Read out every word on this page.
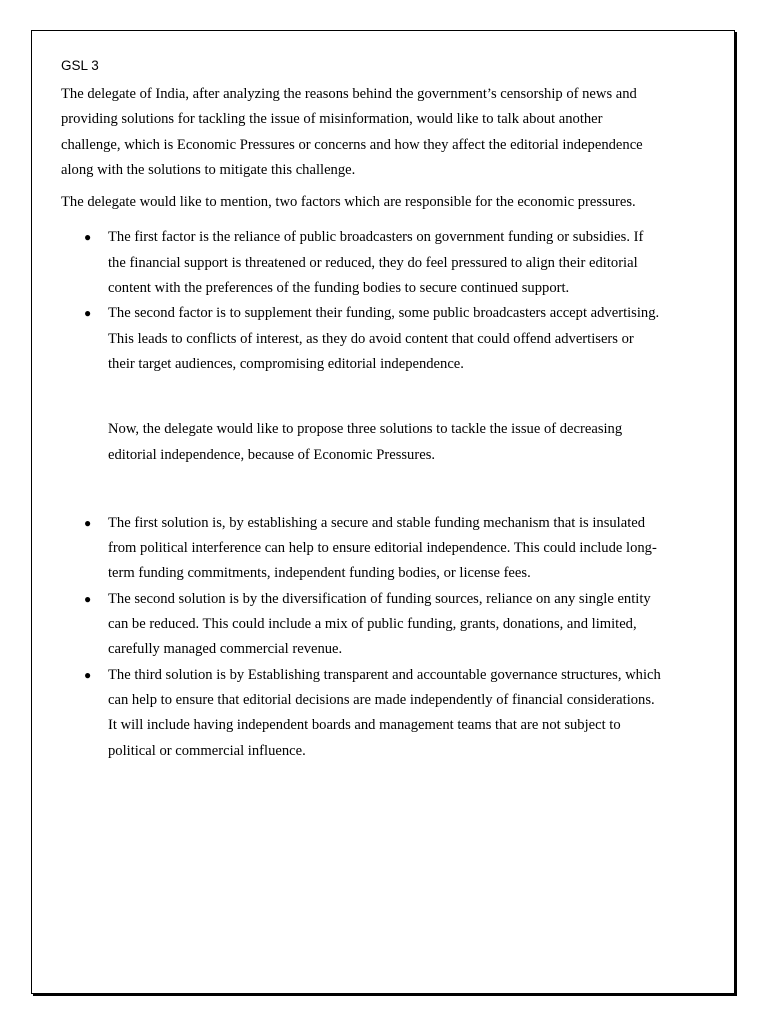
GSL 3

The delegate of India, after analyzing the reasons behind the government’s censorship of news and providing solutions for tackling the issue of misinformation, would like to talk about another challenge, which is Economic Pressures or concerns and how they affect the editorial independence along with the solutions to mitigate this challenge.

The delegate would like to mention, two factors which are responsible for the economic pressures.

● The first factor is the reliance of public broadcasters on government funding or subsidies. If the financial support is threatened or reduced, they do feel pressured to align their editorial content with the preferences of the funding bodies to secure continued support.
● The second factor is to supplement their funding, some public broadcasters accept advertising. This leads to conflicts of interest, as they do avoid content that could offend advertisers or their target audiences, compromising editorial independence.

Now, the delegate would like to propose three solutions to tackle the issue of decreasing editorial independence, because of Economic Pressures.

● The first solution is, by establishing a secure and stable funding mechanism that is insulated from political interference can help to ensure editorial independence. This could include long-term funding commitments, independent funding bodies, or license fees.
● The second solution is by the diversification of funding sources, reliance on any single entity can be reduced. This could include a mix of public funding, grants, donations, and limited, carefully managed commercial revenue.
● The third solution is by Establishing transparent and accountable governance structures, which can help to ensure that editorial decisions are made independently of financial considerations. It will include having independent boards and management teams that are not subject to political or commercial influence.
